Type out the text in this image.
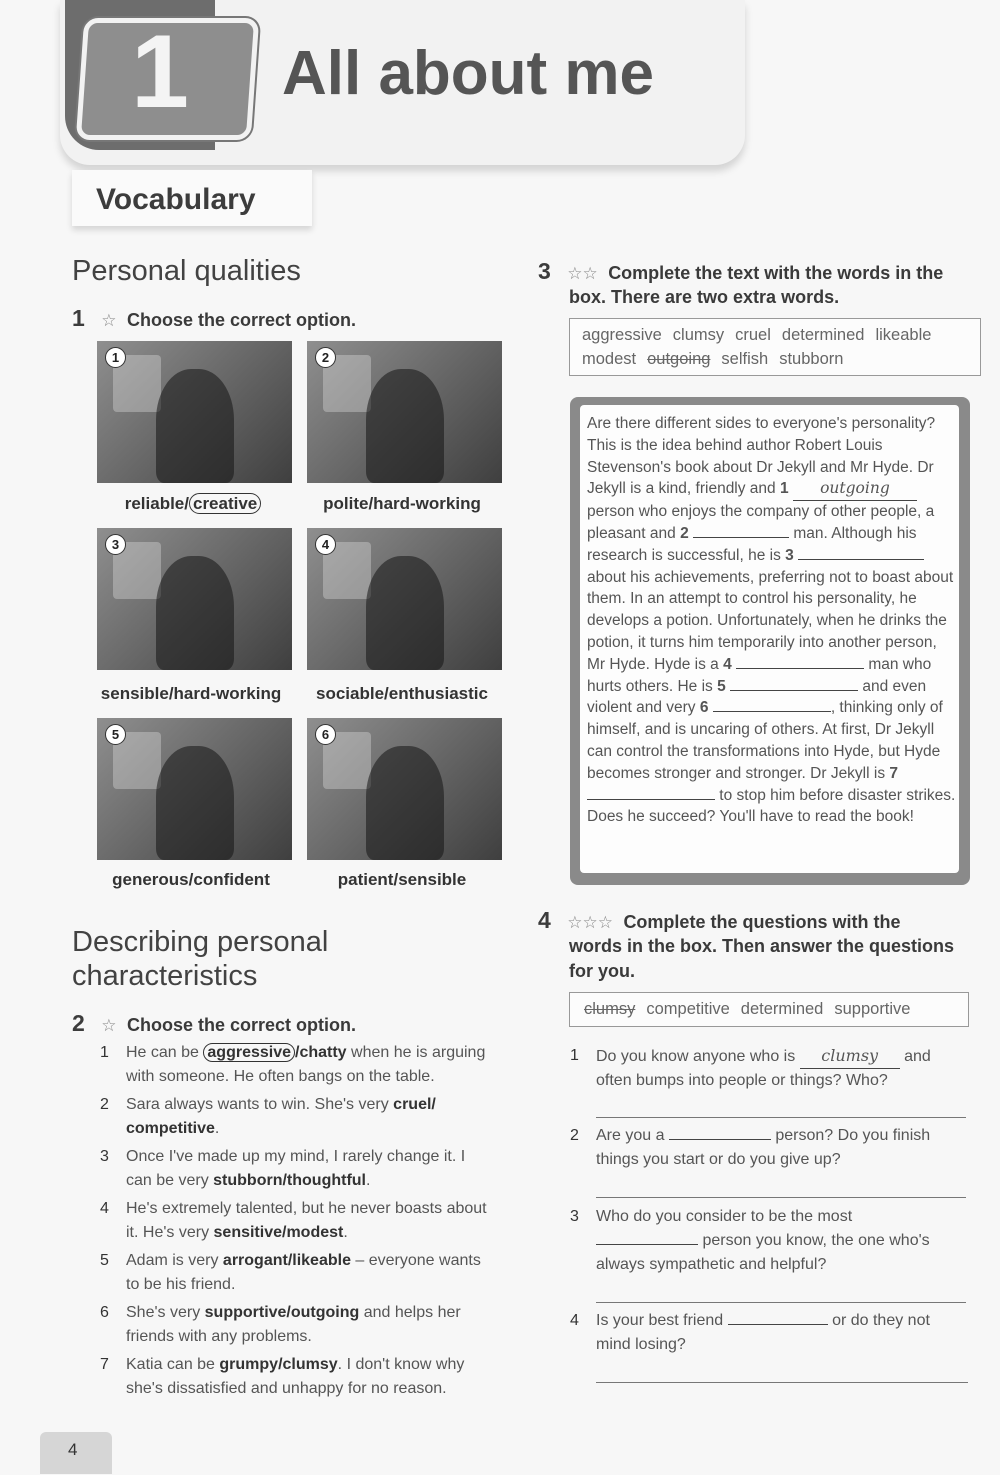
1 All about me
Vocabulary
Personal qualities
1 ☆ Choose the correct option.
1	2
reliable/ creative	polite/hard-working
3	4
sensible/hard-working	sociable/enthusiastic
5	6
generous/confident	patient/sensible
Describing personal
characteristics
2 ☆ Choose the correct option.
1 He can be aggressive /chatty when he is arguing with someone. He often bangs on the table.
2 Sara always wants to win. She's very cruel/ competitive.
3 Once I've made up my mind, I rarely change it. I can be very stubborn/thoughtful.
4 He's extremely talented, but he never boasts about it. He's very sensitive/modest.
5 Adam is very arrogant/likeable – everyone wants to be his friend.
6 She's very supportive/outgoing and helps her friends with any problems.
7 Katia can be grumpy/clumsy. I don't know why she's dissatisfied and unhappy for no reason.
3 ☆☆ Complete the text with the words in the
box. There are two extra words.
aggressive clumsy cruel determined likeable
modest outgoing selfish stubborn
Are there different sides to everyone's personality? This is the idea behind author Robert Louis Stevenson's book about Dr Jekyll and Mr Hyde. Dr Jekyll is a kind, friendly and 1 outgoing person who enjoys the company of other people, a pleasant and 2	man. Although his research is successful, he is 3  about his achievements, preferring not to boast about them. In an attempt to control his personality, he develops a potion. Unfortunately, when he drinks the potion, it turns him temporarily into another person, Mr Hyde. Hyde is a 4	man who hurts others. He is 5	and even violent and very 6	, thinking only of himself, and is uncaring of others. At first, Dr Jekyll can control the transformations into Hyde, but Hyde becomes stronger and stronger. Dr Jekyll is 7  to stop him before disaster strikes. Does he succeed? You'll have to read the book!
4 ☆☆☆ Complete the questions with the
words in the box. Then answer the questions
for you.
clumsy competitive determined supportive
1 Do you know anyone who is clumsy and often bumps into people or things? Who?
2 Are you a	person? Do you finish things you start or do you give up?
3 Who do you consider to be the most  person you know, the one who's always sympathetic and helpful?
4 Is your best friend	or do they not mind losing?
4
